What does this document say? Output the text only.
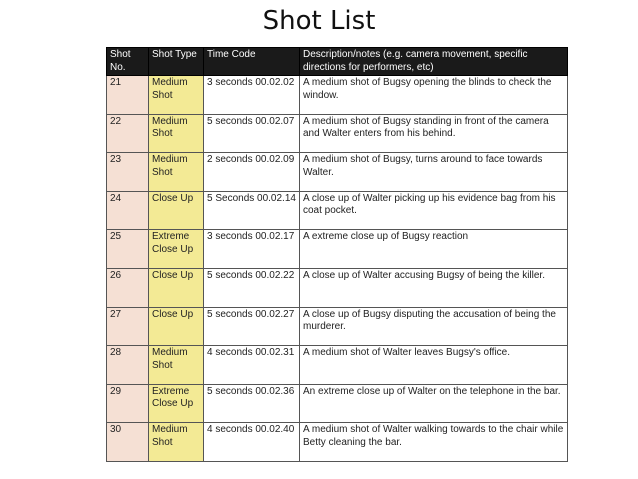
Shot List
Shot No.	Shot Type	Time Code	Description/notes (e.g. camera movement, specific directions for performers, etc)
21	Medium Shot	3 seconds 00.02.02	A medium shot of Bugsy opening the blinds to check the window.
22	Medium Shot	5 seconds 00.02.07	A medium shot of Bugsy standing in front of the camera and Walter enters from his behind.
23	Medium Shot	2 seconds 00.02.09	A medium shot of Bugsy, turns around to face towards Walter.
24	Close Up	5 Seconds 00.02.14	A close up of Walter picking up his evidence bag from his coat pocket.
25	Extreme Close Up	3 seconds 00.02.17	A extreme close up of Bugsy reaction
26	Close Up	5 seconds 00.02.22	A close up of Walter accusing Bugsy of being the killer.
27	Close Up	5 seconds 00.02.27	A close up of Bugsy disputing the accusation of being the murderer.
28	Medium Shot	4 seconds 00.02.31	A medium shot of Walter leaves Bugsy's office.
29	Extreme Close Up	5 seconds 00.02.36	An extreme close up of Walter on the telephone in the bar.
30	Medium Shot	4 seconds 00.02.40	A medium shot of Walter walking towards to the chair while Betty cleaning the bar.
